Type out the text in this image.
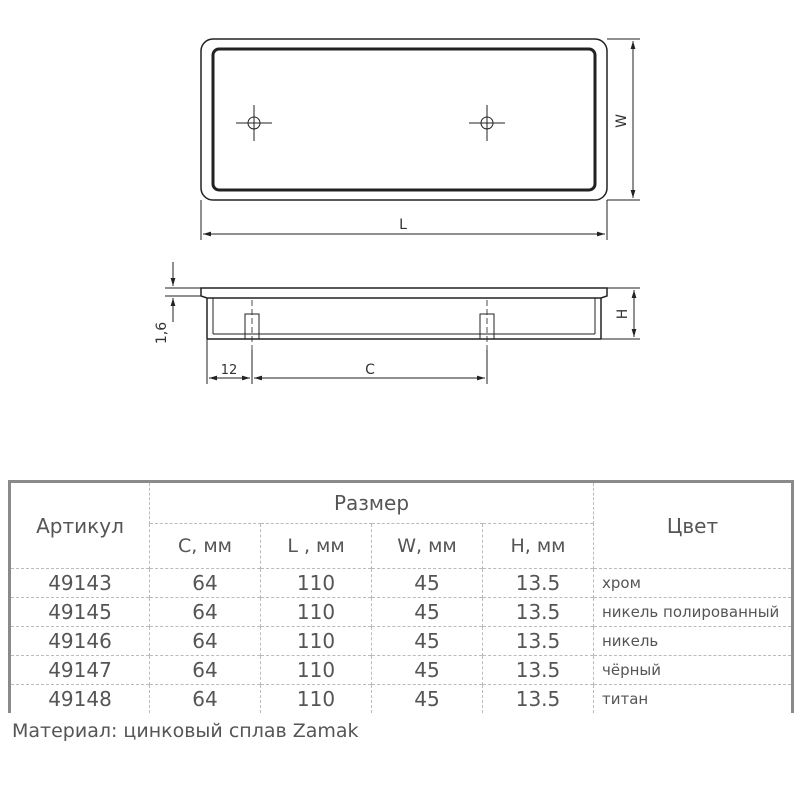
W
L
H
1,6
12	C
Артикул	Размер				Цвет
	C, мм	L , мм	W, мм	H, мм	
49143	64	110	45	13.5	хром
49145	64	110	45	13.5	никель полированный
49146	64	110	45	13.5	никель
49147	64	110	45	13.5	чёрный
49148	64	110	45	13.5	титан
Материал: цинковый сплав Zamak
